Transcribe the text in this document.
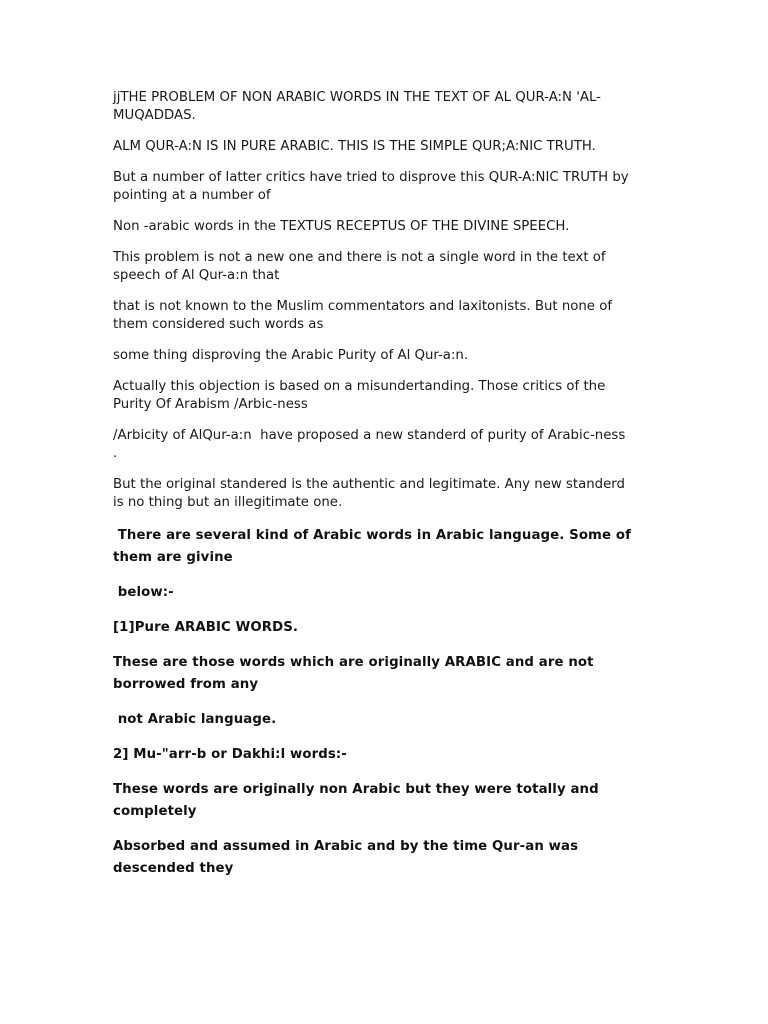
jjTHE PROBLEM OF NON ARABIC WORDS IN THE TEXT OF AL QUR-A:N 'AL-MUQADDAS.

ALM QUR-A:N IS IN PURE ARABIC. THIS IS THE SIMPLE QUR;A:NIC TRUTH.

But a number of latter critics have tried to disprove this QUR-A:NIC TRUTH by pointing at a number of

Non -arabic words in the TEXTUS RECEPTUS OF THE DIVINE SPEECH.

This problem is not a new one and there is not a single word in the text of speech of Al Qur-a:n that

that is not known to the Muslim commentators and laxitonists. But none of them considered such words as

some thing disproving the Arabic Purity of Al Qur-a:n.

Actually this objection is based on a misundertanding. Those critics of the Purity Of Arabism /Arbic-ness

/Arbicity of AlQur-a:n  have proposed a new standerd of purity of Arabic-ness .

But the original standered is the authentic and legitimate. Any new standerd is no thing but an illegitimate one.

There are several kind of Arabic words in Arabic language. Some of them are givine

below:-

[1]Pure ARABIC WORDS.

These are those words which are originally ARABIC and are not borrowed from any

not Arabic language.

2] Mu-"arr-b or Dakhi:l words:-

These words are originally non Arabic but they were totally and completely

Absorbed and assumed in Arabic and by the time Qur-an was descended they
